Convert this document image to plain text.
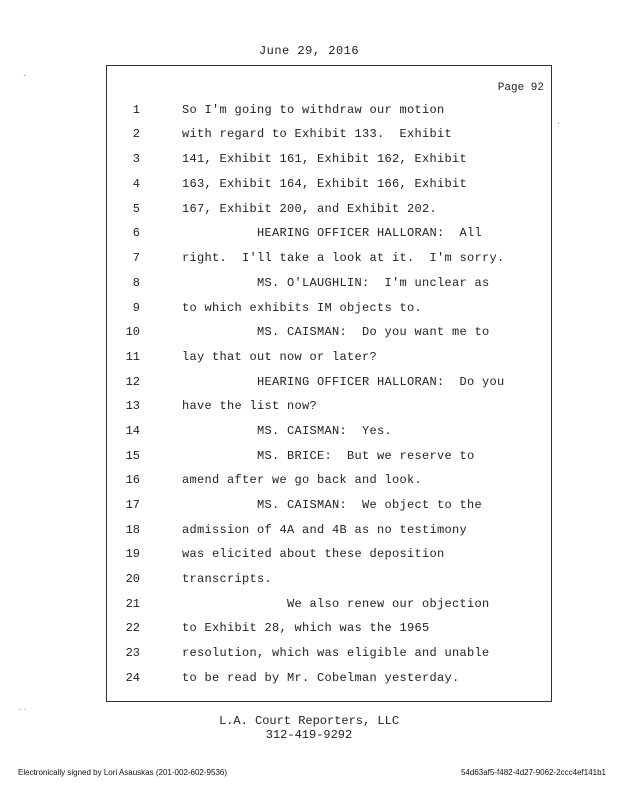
June 29, 2016
Page 92
1	So I'm going to withdraw our motion
2	with regard to Exhibit 133.  Exhibit
3	141, Exhibit 161, Exhibit 162, Exhibit
4	163, Exhibit 164, Exhibit 166, Exhibit
5	167, Exhibit 200, and Exhibit 202.
6	HEARING OFFICER HALLORAN:  All
7	right.  I'll take a look at it.  I'm sorry.
8	MS. O'LAUGHLIN:  I'm unclear as
9	to which exhibits IM objects to.
10	MS. CAISMAN:  Do you want me to
11	lay that out now or later?
12	HEARING OFFICER HALLORAN:  Do you
13	have the list now?
14	MS. CAISMAN:  Yes.
15	MS. BRICE:  But we reserve to
16	amend after we go back and look.
17	MS. CAISMAN:  We object to the
18	admission of 4A and 4B as no testimony
19	was elicited about these deposition
20	transcripts.
21	We also renew our objection
22	to Exhibit 28, which was the 1965
23	resolution, which was eligible and unable
24	to be read by Mr. Cobelman yesterday.
L.A. Court Reporters, LLC
312-419-9292
Electronically signed by Lori Asauskas (201-002-602-9536)	54d63af5-f482-4d27-9062-2ccc4ef141b1
.
.
..
